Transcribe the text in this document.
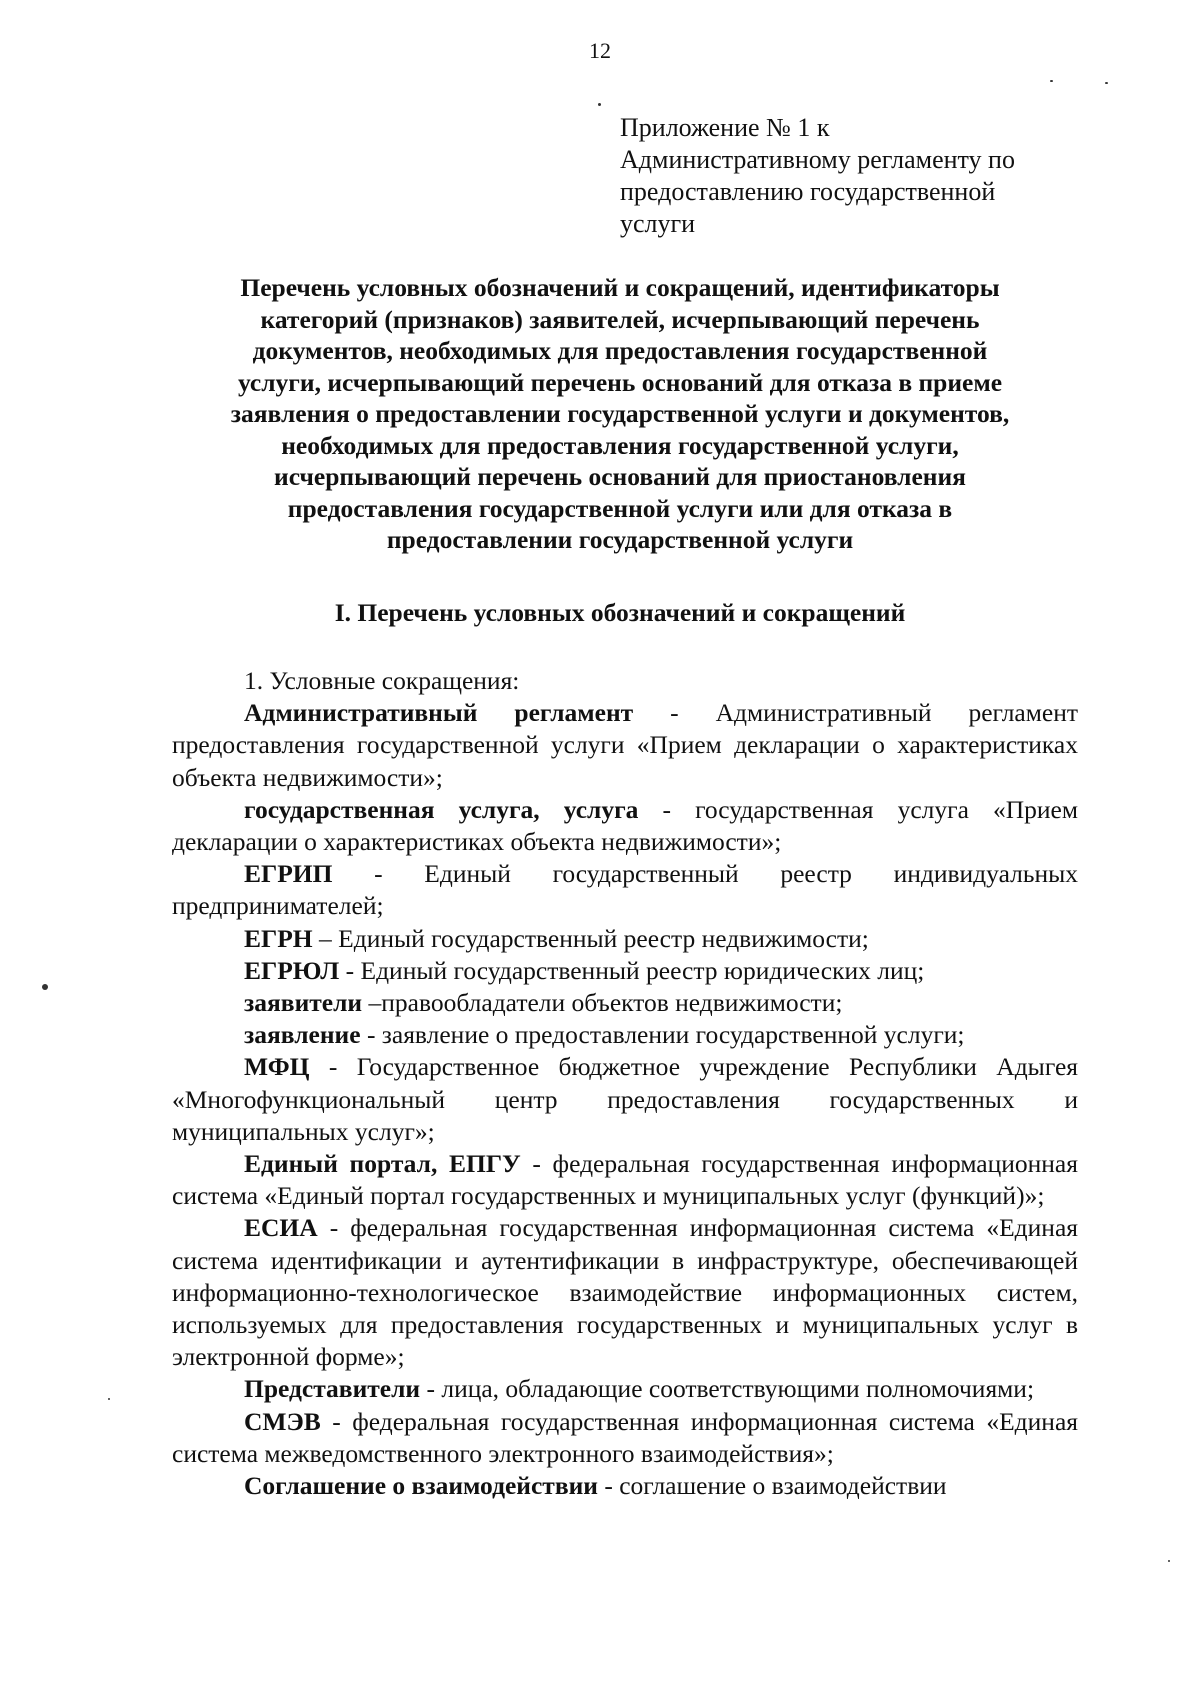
12
Приложение № 1 к
Административному регламенту по
предоставлению государственной
услуги
Перечень условных обозначений и сокращений, идентификаторы
категорий (признаков) заявителей, исчерпывающий перечень
документов, необходимых для предоставления государственной
услуги, исчерпывающий перечень оснований для отказа в приеме
заявления о предоставлении государственной услуги и документов,
необходимых для предоставления государственной услуги,
исчерпывающий перечень оснований для приостановления
предоставления государственной услуги или для отказа в
предоставлении государственной услуги
I. Перечень условных обозначений и сокращений

1. Условные сокращения:

Административный регламент - Административный регламент предоставления государственной услуги «Прием декларации о характеристиках объекта недвижимости»;

государственная услуга, услуга - государственная услуга «Прием декларации о характеристиках объекта недвижимости»;

ЕГРИП - Единый государственный реестр индивидуальных предпринимателей;

ЕГРН – Единый государственный реестр недвижимости;

ЕГРЮЛ - Единый государственный реестр юридических лиц;

заявители –правообладатели объектов недвижимости;

заявление - заявление о предоставлении государственной услуги;

МФЦ - Государственное бюджетное учреждение Республики Адыгея «Многофункциональный центр предоставления государственных и муниципальных услуг»;

Единый портал, ЕПГУ - федеральная государственная информационная система «Единый портал государственных и муниципальных услуг (функций)»;

ЕСИА - федеральная государственная информационная система «Единая система идентификации и аутентификации в инфраструктуре, обеспечивающей информационно-технологическое взаимодействие информационных систем, используемых для предоставления государственных и муниципальных услуг в электронной форме»;

Представители - лица, обладающие соответствующими полномочиями;

СМЭВ - федеральная государственная информационная система «Единая система межведомственного электронного взаимодействия»;

Соглашение о взаимодействии - соглашение о взаимодействии
